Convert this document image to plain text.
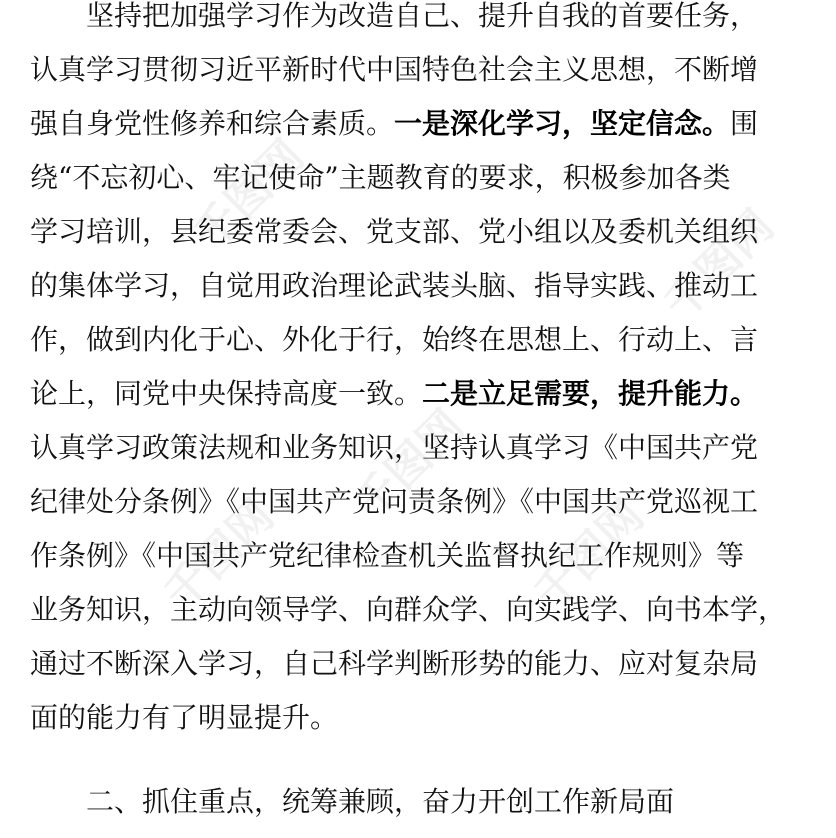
千图网
千图网
千图网
千图网	千图网
坚持把加强学习作为改造自己、提升自我的首要任务，
认真学习贯彻习近平新时代中国特色社会主义思想，不断增
强自身党性修养和综合素质。一是深化学习，坚定信念。围
绕“不忘初心、牢记使命”主题教育的要求，积极参加各类
学习培训，县纪委常委会、党支部、党小组以及委机关组织
的集体学习，自觉用政治理论武装头脑、指导实践、推动工
作，做到内化于心、外化于行，始终在思想上、行动上、言
论上，同党中央保持高度一致。二是立足需要，提升能力。
认真学习政策法规和业务知识，坚持认真学习《中国共产党
纪律处分条例》《中国共产党问责条例》《中国共产党巡视工
作条例》《中国共产党纪律检查机关监督执纪工作规则》等
业务知识，主动向领导学、向群众学、向实践学、向书本学，
通过不断深入学习，自己科学判断形势的能力、应对复杂局
面的能力有了明显提升。
二、抓住重点，统筹兼顾，奋力开创工作新局面
